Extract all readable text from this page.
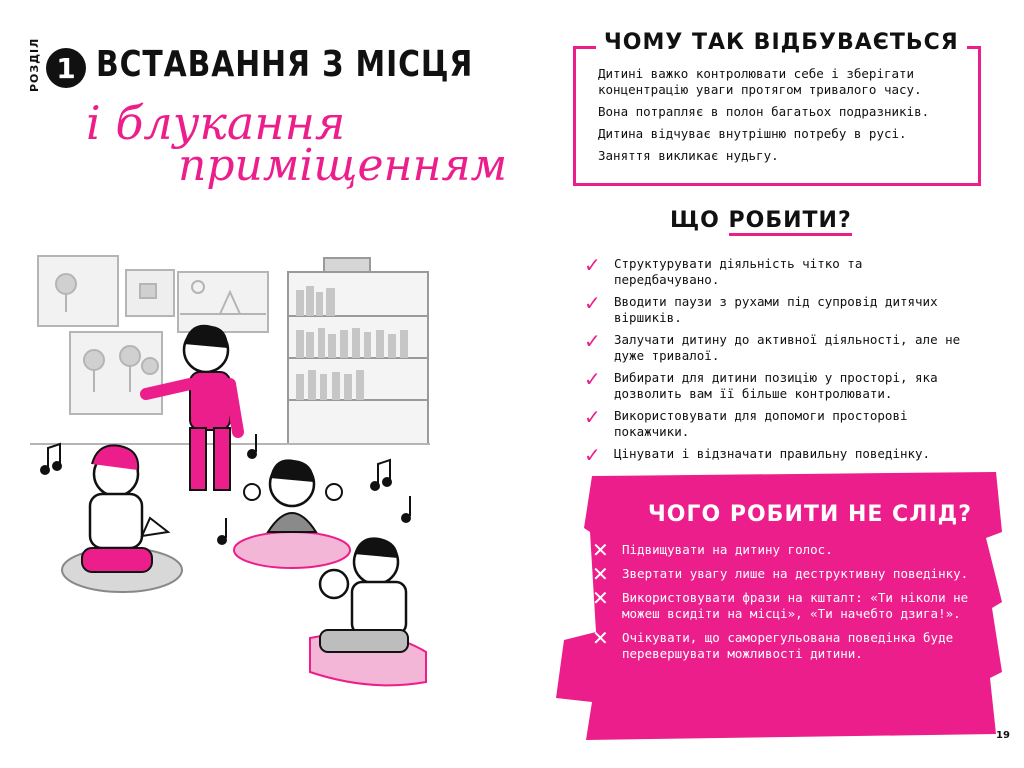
РОЗДІЛ 1 ВСТАВАННЯ З МІСЦЯ
і блукання
приміщенням
ЧОМУ ТАК ВІДБУВАЄТЬСЯ
Дитині важко контролювати себе і зберігати концентрацію уваги протягом тривалого часу.
Вона потрапляє в полон багатьох подразників.
Дитина відчуває внутрішню потребу в русі.
Заняття викликає нудьгу.
ЩО РОБИТИ?
✓ Структурувати діяльність чітко та передбачувано.
✓ Вводити паузи з рухами під супровід дитячих віршиків.
✓ Залучати дитину до активної діяльності, але не дуже тривалої.
✓ Вибирати для дитини позицію у просторі, яка дозволить вам її більше контролювати.
✓ Використовувати для допомоги просторові покажчики.
✓ Цінувати і відзначати правильну поведінку.
ЧОГО РОБИТИ НЕ СЛІД?
✕ Підвищувати на дитину голос.
✕ Звертати увагу лише на деструктивну поведінку.
✕ Використовувати фрази на кшталт: «Ти ніколи не можеш всидіти на місці», «Ти начебто дзига!».
✕ Очікувати, що саморегульована поведінка буде перевершувати можливості дитини.
19
